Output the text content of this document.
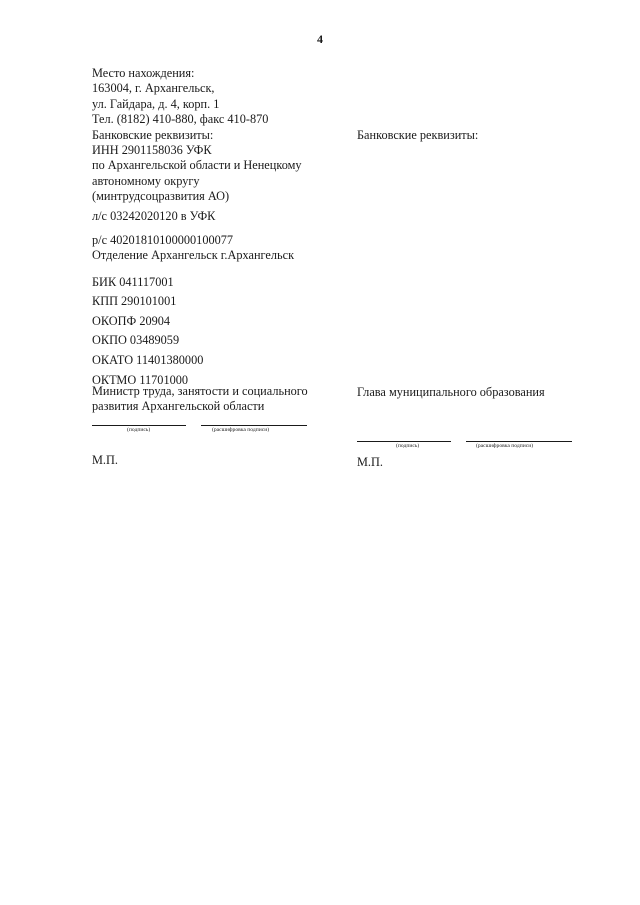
4
Место нахождения:
163004, г. Архангельск,
ул. Гайдара, д. 4, корп. 1
Тел. (8182) 410-880, факс 410-870
Банковские реквизиты:
ИНН 2901158036 УФК
по Архангельской области и Ненецкому
автономному округу
(минтрудсоцразвития АО)
л/с 03242020120 в УФК
р/с 40201810100000100077
Отделение Архангельск г.Архангельск
БИК 041117001
КПП 290101001
ОКОПФ 20904
ОКПО 03489059
ОКАТО 11401380000
ОКТМО 11701000
Министр труда, занятости и социального
развития Архангельской области
(подпись)	(расшифровка подписи)
М.П.
Банковские реквизиты:
Глава муниципального образования
(подпись)	(расшифровка подписи)
М.П.
